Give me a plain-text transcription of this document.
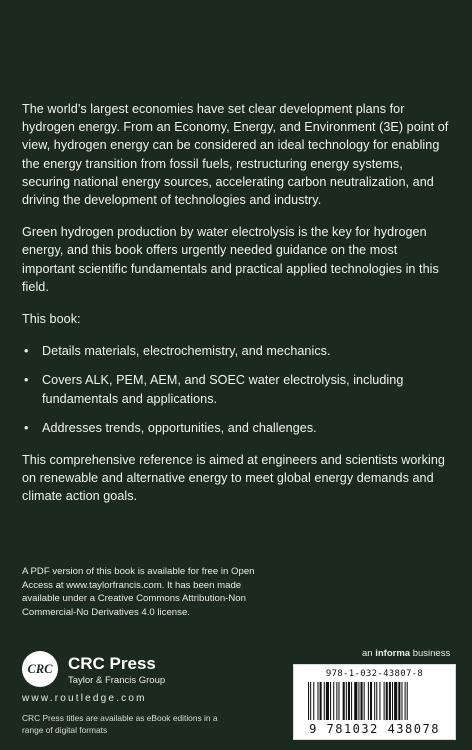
The world’s largest economies have set clear development plans for hydrogen energy. From an Economy, Energy, and Environment (3E) point of view, hydrogen energy can be considered an ideal technology for enabling the energy transition from fossil fuels, restructuring energy systems, securing national energy sources, accelerating carbon neutralization, and driving the development of technologies and industry.

Green hydrogen production by water electrolysis is the key for hydrogen energy, and this book offers urgently needed guidance on the most important scientific fundamentals and practical applied technologies in this field.

This book:

• Details materials, electrochemistry, and mechanics.
• Covers ALK, PEM, AEM, and SOEC water electrolysis, including fundamentals and applications.
• Addresses trends, opportunities, and challenges.

This comprehensive reference is aimed at engineers and scientists working on renewable and alternative energy to meet global energy demands and climate action goals.

A PDF version of this book is available for free in Open Access at www.taylorfrancis.com. It has been made available under a Creative Commons Attribution-Non Commercial-No Derivatives 4.0 license.
an informa business
CRC CRC Press
Taylor & Francis Group
www.routledge.com
CRC Press titles are available as eBook editions in a range of digital formats
978-1-032-43807-8
9 781032 438078
